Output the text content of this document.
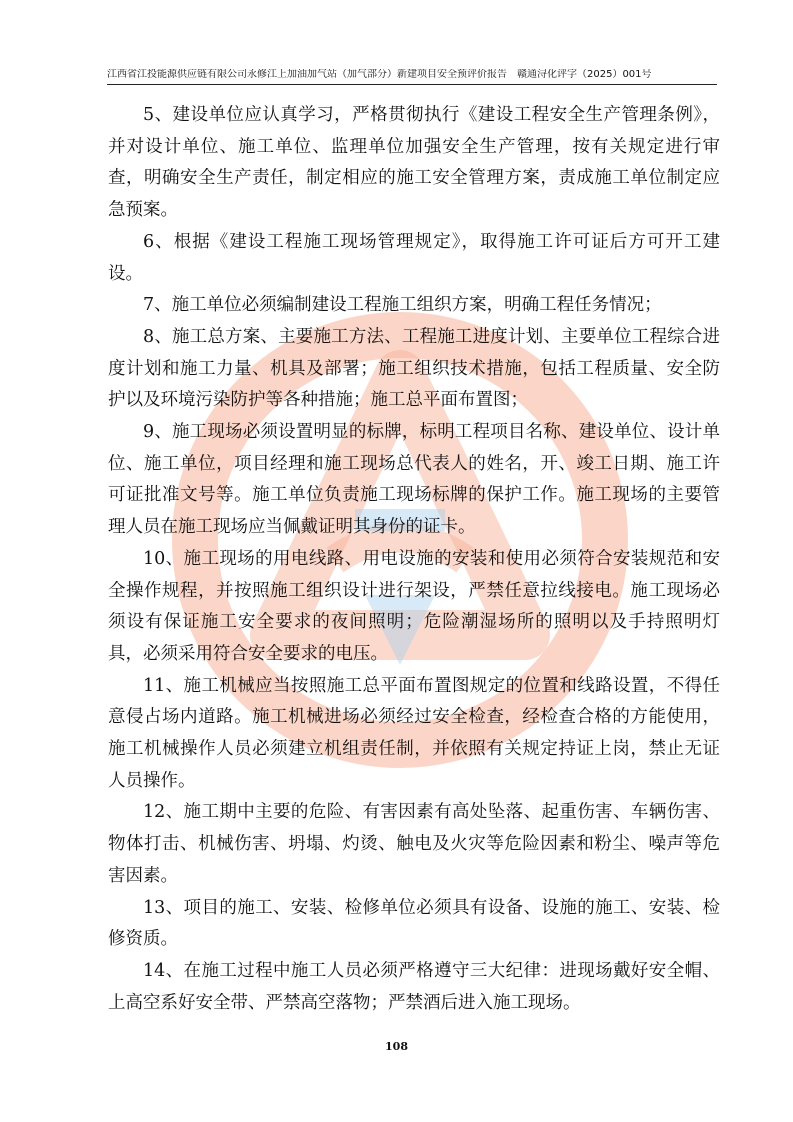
江西省江投能源供应链有限公司永修江上加油加气站（加气部分）新建项目安全预评价报告　赣通浔化评字（2025）001号

5、建设单位应认真学习，严格贯彻执行《建设工程安全生产管理条例》，并对设计单位、施工单位、监理单位加强安全生产管理，按有关规定进行审查，明确安全生产责任，制定相应的施工安全管理方案，责成施工单位制定应急预案。

6、根据《建设工程施工现场管理规定》，取得施工许可证后方可开工建设。

7、施工单位必须编制建设工程施工组织方案，明确工程任务情况；

8、施工总方案、主要施工方法、工程施工进度计划、主要单位工程综合进度计划和施工力量、机具及部署；施工组织技术措施，包括工程质量、安全防 护以及环境污染防护等各种措施；施工总平面布置图；

9、施工现场必须设置明显的标牌，标明工程项目名称、建设单位、设计单位、施工单位，项目经理和施工现场总代表人的姓名，开、竣工日期、施工许可证批准文号等。施工单位负责施工现场标牌的保护工作。施工现场的主要管理人员在施工现场应当佩戴证明其身份的证卡。

10、施工现场的用电线路、用电设施的安装和使用必须符合安装规范和安全操作规程，并按照施工组织设计进行架设，严禁任意拉线接电。施工现场必须设有保证施工安全要求的夜间照明；危险潮湿场所的照明以及手持照明灯具，必须采用符合安全要求的电压。

11、施工机械应当按照施工总平面布置图规定的位置和线路设置，不得任意侵占场内道路。施工机械进场必须经过安全检查，经检查合格的方能使用，施工机械操作人员必须建立机组责任制，并依照有关规定持证上岗，禁止无证人员操作。

12、施工期中主要的危险、有害因素有高处坠落、起重伤害、车辆伤害、物体打击、机械伤害、坍塌、灼烫、触电及火灾等危险因素和粉尘、噪声等危害因素。

13、项目的施工、安装、检修单位必须具有设备、设施的施工、安装、检修资质。

14、在施工过程中施工人员必须严格遵守三大纪律：进现场戴好安全帽、上高空系好安全带、严禁高空落物；严禁酒后进入施工现场。

108
